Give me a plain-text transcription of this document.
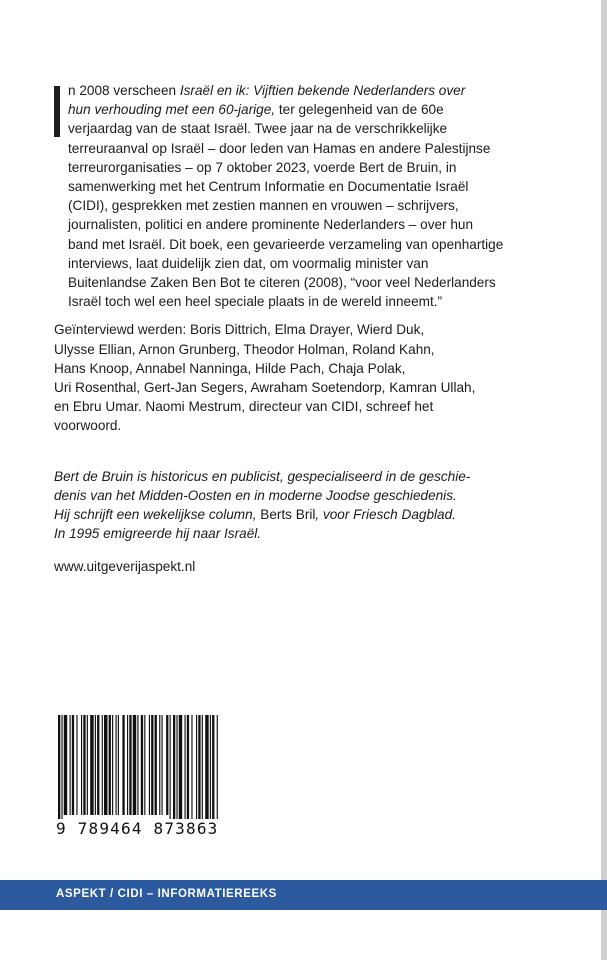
n 2008 verscheen Israël en ik: Vijftien bekende Nederlanders over
hun verhouding met een 60-jarige, ter gelegenheid van de 60e
verjaardag van de staat Israël. Twee jaar na de verschrikkelijke
terreuraanval op Israël – door leden van Hamas en andere Palestijnse
terreurorganisaties – op 7 oktober 2023, voerde Bert de Bruin, in
samenwerking met het Centrum Informatie en Documentatie Israël
(CIDI), gesprekken met zestien mannen en vrouwen – schrijvers,
journalisten, politici en andere prominente Nederlanders – over hun
band met Israël. Dit boek, een gevarieerde verzameling van openhartige
interviews, laat duidelijk zien dat, om voormalig minister van
Buitenlandse Zaken Ben Bot te citeren (2008), “voor veel Nederlanders
Israël toch wel een heel speciale plaats in de wereld inneemt.”
Geïnterviewd werden: Boris Dittrich, Elma Drayer, Wierd Duk,
Ulysse Ellian, Arnon Grunberg, Theodor Holman, Roland Kahn,
Hans Knoop, Annabel Nanninga, Hilde Pach, Chaja Polak,
Uri Rosenthal, Gert-Jan Segers, Awraham Soetendorp, Kamran Ullah,
en Ebru Umar. Naomi Mestrum, directeur van CIDI, schreef het
voorwoord.

Bert de Bruin is historicus en publicist, gespecialiseerd in de geschie-

denis van het Midden-Oosten en in moderne Joodse geschiedenis.

Hij schrijft een wekelijkse column, Berts Bril, voor Friesch Dagblad.

In 1995 emigreerde hij naar Israël.

www.uitgeverijaspekt.nl

9 789464 873863
ASPEKT / CIDI – INFORMATIEREEKS
